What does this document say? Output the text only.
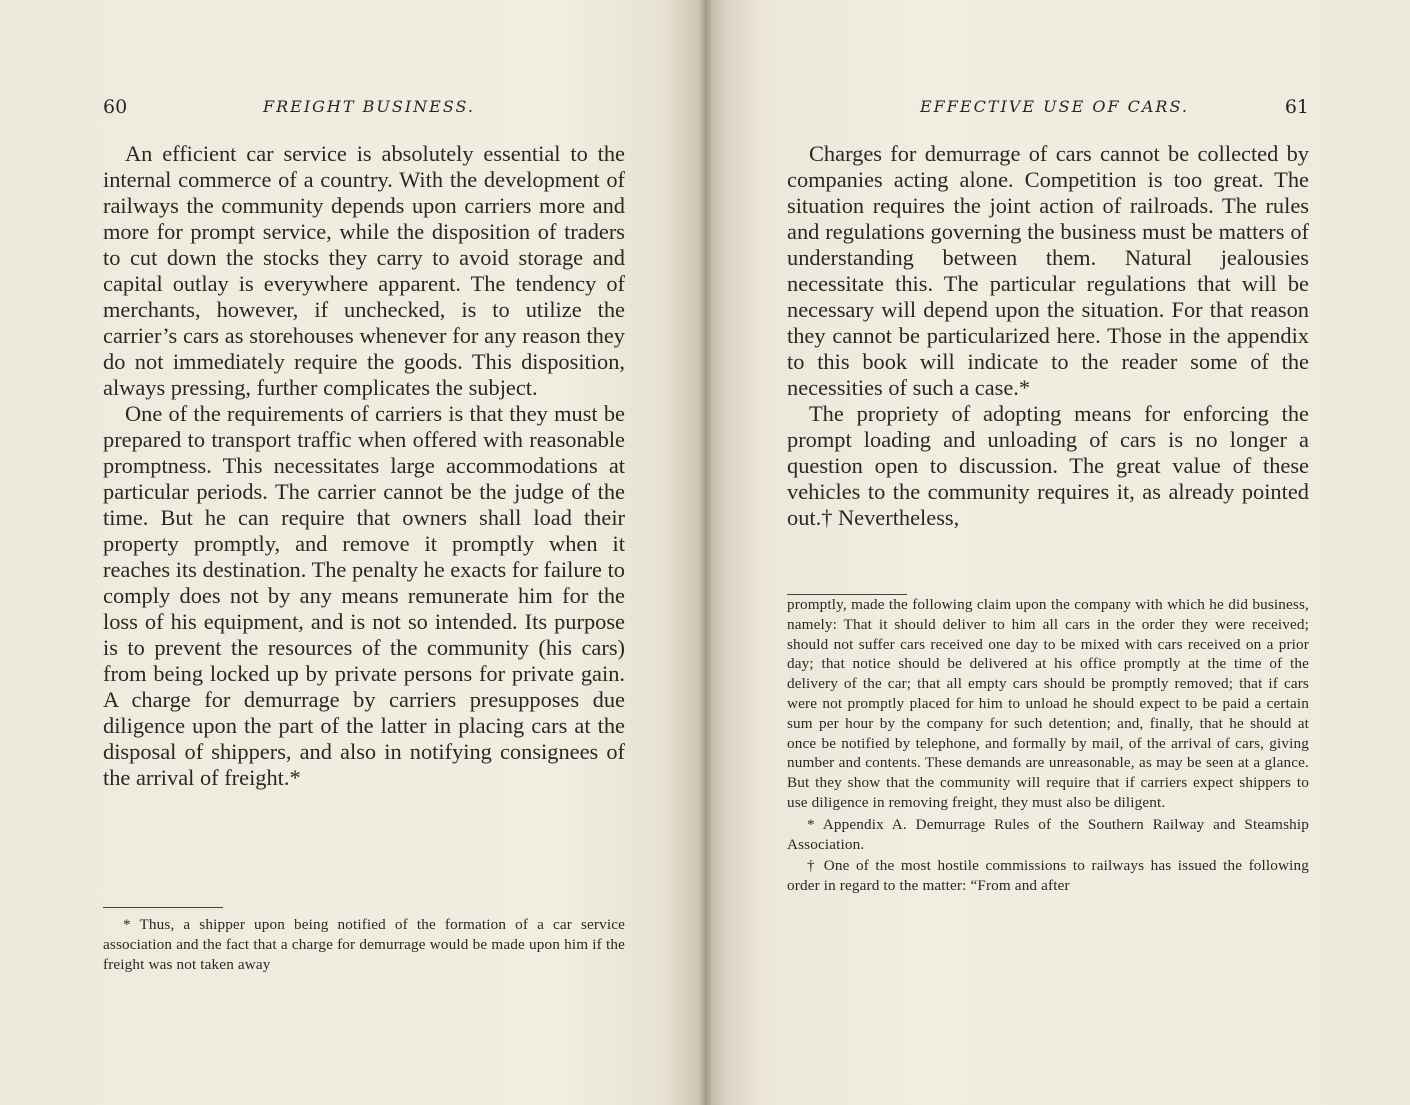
60	FREIGHT BUSINESS.

An efficient car service is absolutely essential to the internal commerce of a country. With the development of railways the community depends upon carriers more and more for prompt service, while the disposition of traders to cut down the stocks they carry to avoid storage and capital outlay is everywhere apparent. The tendency of merchants, however, if unchecked, is to utilize the carrier’s cars as storehouses whenever for any reason they do not immediately require the goods. This disposition, always pressing, further complicates the subject.

One of the requirements of carriers is that they must be prepared to transport traffic when offered with reasonable promptness. This necessitates large accommodations at particular periods. The carrier cannot be the judge of the time. But he can require that owners shall load their property promptly, and remove it promptly when it reaches its destination. The penalty he exacts for failure to comply does not by any means remunerate him for the loss of his equipment, and is not so intended. Its purpose is to prevent the resources of the community (his cars) from being locked up by private persons for private gain. A charge for demurrage by carriers presupposes due diligence upon the part of the latter in placing cars at the disposal of shippers, and also in notifying consignees of the arrival of freight.*

* Thus, a shipper upon being notified of the formation of a car service association and the fact that a charge for demurrage would be made upon him if the freight was not taken away

EFFECTIVE USE OF CARS.	61

Charges for demurrage of cars cannot be collected by companies acting alone. Competition is too great. The situation requires the joint action of railroads. The rules and regulations governing the business must be matters of understanding between them. Natural jealousies necessitate this. The particular regulations that will be necessary will depend upon the situation. For that reason they cannot be particularized here. Those in the appendix to this book will indicate to the reader some of the necessities of such a case.*

The propriety of adopting means for enforcing the prompt loading and unloading of cars is no longer a question open to discussion. The great value of these vehicles to the community requires it, as already pointed out.† Nevertheless,

promptly, made the following claim upon the company with which he did business, namely: That it should deliver to him all cars in the order they were received; should not suffer cars received one day to be mixed with cars received on a prior day; that notice should be delivered at his office promptly at the time of the delivery of the car; that all empty cars should be promptly removed; that if cars were not promptly placed for him to unload he should expect to be paid a certain sum per hour by the company for such detention; and, finally, that he should at once be notified by telephone, and formally by mail, of the arrival of cars, giving number and contents. These demands are unreasonable, as may be seen at a glance. But they show that the community will require that if carriers expect shippers to use diligence in removing freight, they must also be diligent.

* Appendix A. Demurrage Rules of the Southern Railway and Steamship Association.

† One of the most hostile commissions to railways has issued the following order in regard to the matter: “From and after
